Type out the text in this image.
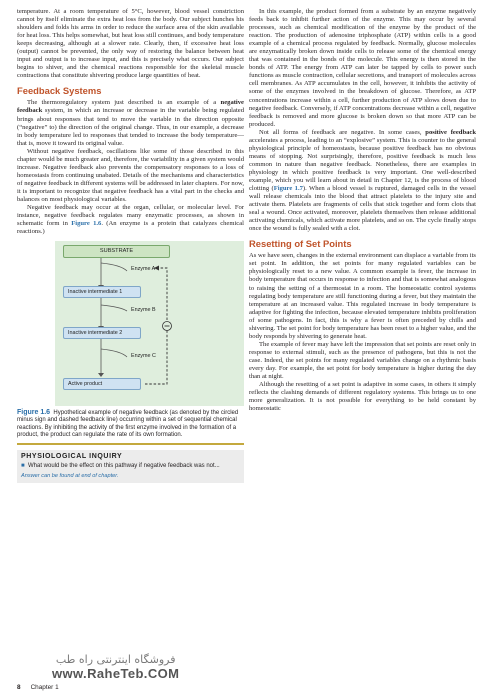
temperature. At a room temperature of 5°C, however, blood vessel constriction cannot by itself eliminate the extra heat loss from the body. Our subject hunches his shoulders and folds his arms in order to reduce the surface area of the skin available for heat loss. This helps somewhat, but heat loss still continues, and body temperature keeps decreasing, although at a slower rate. Clearly, then, if excessive heat loss (output) cannot be prevented, the only way of restoring the balance between heat input and output is to increase input, and this is precisely what occurs. Our subject begins to shiver, and the chemical reactions responsible for the skeletal muscle contractions that constitute shivering produce large quantities of heat.

Feedback Systems

The thermoregulatory system just described is an example of a negative feedback system, in which an increase or decrease in the variable being regulated brings about responses that tend to move the variable in the direction opposite (“negative” to) the direction of the original change. Thus, in our example, a decrease in body temperature led to responses that tended to increase the body temperature—that is, move it toward its original value.

Without negative feedback, oscillations like some of those described in this chapter would be much greater and, therefore, the variability in a given system would increase. Negative feedback also prevents the compensatory responses to a loss of homeostasis from continuing unabated. Details of the mechanisms and characteristics of negative feedback in different systems will be addressed in later chapters. For now, it is important to recognize that negative feedback has a vital part in the checks and balances on most physiological variables.

Negative feedback may occur at the organ, cellular, or molecular level. For instance, negative feedback regulates many enzymatic processes, as shown in schematic form in Figure 1.6. (An enzyme is a protein that catalyzes chemical reactions.)

SUBSTRATE
Enzyme A
Inactive intermediate 1
Enzyme B
Inactive intermediate 2
Enzyme C
Active product
Figure 1.6 Hypothetical example of negative feedback (as denoted by the circled minus sign and dashed feedback line) occurring within a set of sequential chemical reactions. By inhibiting the activity of the first enzyme involved in the formation of a product, the product can regulate the rate of its own formation.
PHYSIOLOGICAL INQUIRY
■ What would be the effect on this pathway if negative feedback was not...
Answer can be found at end of chapter.

In this example, the product formed from a substrate by an enzyme negatively feeds back to inhibit further action of the enzyme. This may occur by several processes, such as chemical modification of the enzyme by the product of the reaction. The production of adenosine triphosphate (ATP) within cells is a good example of a chemical process regulated by feedback. Normally, glucose molecules are enzymatically broken down inside cells to release some of the chemical energy that was contained in the bonds of the molecule. This energy is then stored in the bonds of ATP. The energy from ATP can later be tapped by cells to power such functions as muscle contraction, cellular secretions, and transport of molecules across cell membranes. As ATP accumulates in the cell, however, it inhibits the activity of some of the enzymes involved in the breakdown of glucose. Therefore, as ATP concentrations increase within a cell, further production of ATP slows down due to negative feedback. Conversely, if ATP concentrations decrease within a cell, negative feedback is removed and more glucose is broken down so that more ATP can be produced.

Not all forms of feedback are negative. In some cases, positive feedback accelerates a process, leading to an “explosive” system. This is counter to the general physiological principle of homeostasis, because positive feedback has no obvious means of stopping. Not surprisingly, therefore, positive feedback is much less common in nature than negative feedback. Nonetheless, there are examples in physiology in which positive feedback is very important. One well-described example, which you will learn about in detail in Chapter 12, is the process of blood clotting (Figure 1.7). When a blood vessel is ruptured, damaged cells in the vessel wall release chemicals into the blood that attract platelets to the injury site and activate them. Platelets are fragments of cells that stick together and form clots that seal a wound. Once activated, moreover, platelets themselves then release additional activating chemicals, which activate more platelets, and so on. The cycle finally stops once the wound is fully sealed with a clot.

Resetting of Set Points

As we have seen, changes in the external environment can displace a variable from its set point. In addition, the set points for many regulated variables can be physiologically reset to a new value. A common example is fever, the increase in body temperature that occurs in response to infection and that is somewhat analogous to raising the setting of a thermostat in a room. The homeostatic control systems regulating body temperature are still functioning during a fever, but they maintain the temperature at an increased value. This regulated increase in body temperature is adaptive for fighting the infection, because elevated temperature inhibits proliferation of some pathogens. In fact, this is why a fever is often preceded by chills and shivering. The set point for body temperature has been reset to a higher value, and the body responds by shivering to generate heat.

The example of fever may have left the impression that set points are reset only in response to external stimuli, such as the presence of pathogens, but this is not the case. Indeed, the set points for many regulated variables change on a rhythmic basis every day. For example, the set point for body temperature is higher during the day than at night.

Although the resetting of a set point is adaptive in some cases, in others it simply reflects the clashing demands of different regulatory systems. This brings us to one more generalization. It is not possible for everything to be held constant by homeostatic

فروشگاه اینترنتی راه طب
www.RaheTeb.COM
8 Chapter 1
